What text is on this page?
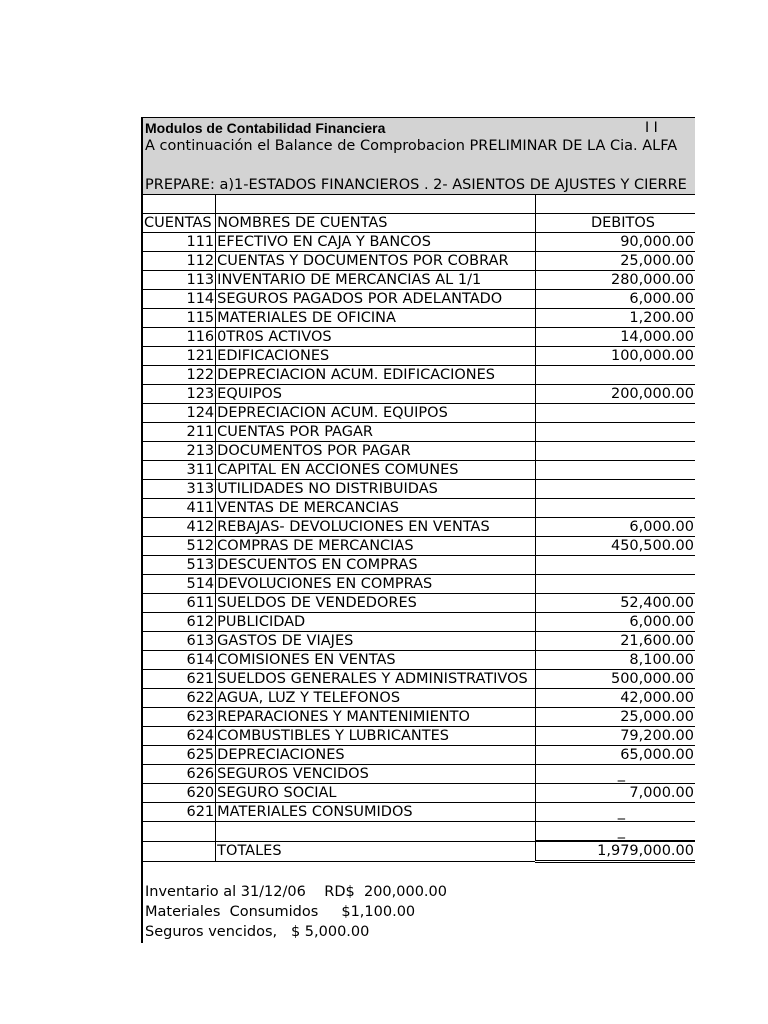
Modulos de Contabilidad Financiera	I I
A continuación el Balance de Comprobacion PRELIMINAR DE LA Cia. ALFA
PREPARE: a)1-ESTADOS FINANCIEROS . 2- ASIENTOS DE AJUSTES Y CIERRE

CUENTAS	NOMBRES DE CUENTAS	DEBITOS
111	EFECTIVO EN CAJA Y BANCOS	90,000.00
112	CUENTAS Y DOCUMENTOS POR COBRAR	25,000.00
113	INVENTARIO DE MERCANCIAS AL 1/1	280,000.00
114	SEGUROS PAGADOS POR ADELANTADO	6,000.00
115	MATERIALES DE OFICINA	1,200.00
116	0TR0S ACTIVOS	14,000.00
121	EDIFICACIONES	100,000.00
122	DEPRECIACION ACUM. EDIFICACIONES	
123	EQUIPOS	200,000.00
124	DEPRECIACION ACUM. EQUIPOS	
211	CUENTAS POR PAGAR	
213	DOCUMENTOS POR PAGAR	
311	CAPITAL EN ACCIONES COMUNES	
313	UTILIDADES NO DISTRIBUIDAS	
411	VENTAS DE MERCANCIAS	
412	REBAJAS- DEVOLUCIONES EN VENTAS	6,000.00
512	COMPRAS DE MERCANCIAS	450,500.00
513	DESCUENTOS EN COMPRAS	
514	DEVOLUCIONES EN COMPRAS	
611	SUELDOS DE VENDEDORES	52,400.00
612	PUBLICIDAD	6,000.00
613	GASTOS DE VIAJES	21,600.00
614	COMISIONES EN VENTAS	8,100.00
621	SUELDOS GENERALES Y ADMINISTRATIVOS	500,000.00
622	AGUA, LUZ Y TELEFONOS	42,000.00
623	REPARACIONES Y MANTENIMIENTO	25,000.00
624	COMBUSTIBLES Y LUBRICANTES	79,200.00
625	DEPRECIACIONES	65,000.00
626	SEGUROS VENCIDOS	_
620	SEGURO SOCIAL	7,000.00
621	MATERIALES CONSUMIDOS	_
		_
	TOTALES	1,979,000.00
Inventario al 31/12/06    RD$  200,000.00
Materiales  Consumidos     $1,100.00
Seguros vencidos,   $ 5,000.00
